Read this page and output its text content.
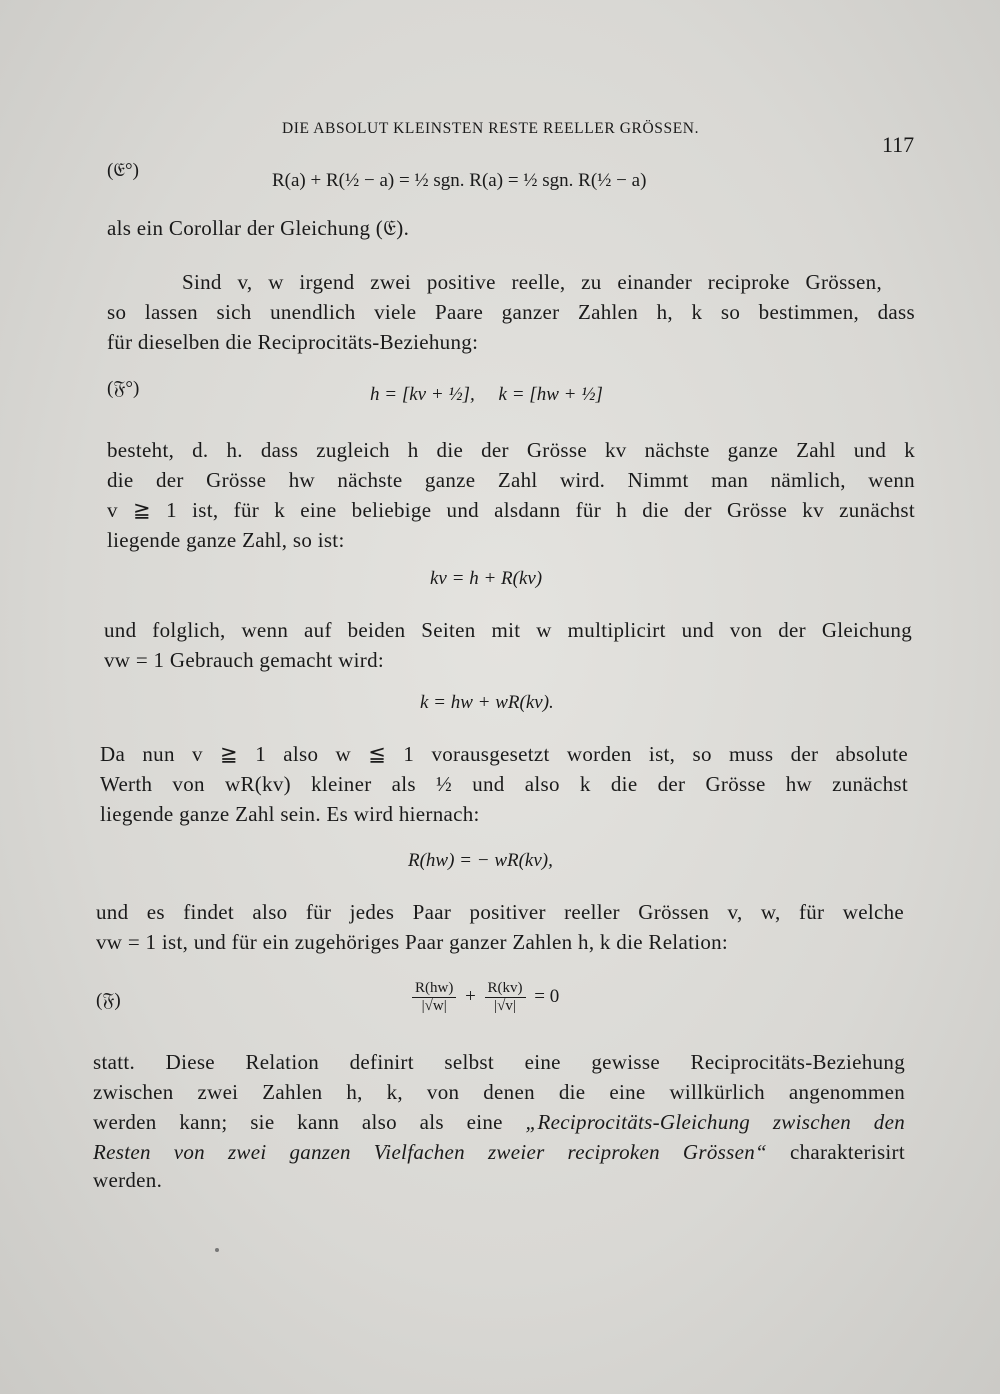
DIE ABSOLUT KLEINSTEN RESTE REELLER GRÖSSEN.
117
(𝔈°)	R(a) + R(½ − a) = ½ sgn. R(a) = ½ sgn. R(½ − a)
als ein Corollar der Gleichung (𝔈).
Sind v, w irgend zwei positive reelle, zu einander reciproke Grössen,
so lassen sich unendlich viele Paare ganzer Zahlen h, k so bestimmen, dass
für dieselben die Reciprocitäts-Beziehung:
(𝔉°)	h = [kv + ½],     k = [hw + ½]
besteht, d. h. dass zugleich h die der Grösse kv nächste ganze Zahl und k
die der Grösse hw nächste ganze Zahl wird. Nimmt man nämlich, wenn
v ≧ 1 ist, für k eine beliebige und alsdann für h die der Grösse kv zunächst
liegende ganze Zahl, so ist:
kv = h + R(kv)
und folglich, wenn auf beiden Seiten mit w multiplicirt und von der Gleichung
vw = 1 Gebrauch gemacht wird:
k = hw + wR(kv).
Da nun v ≧ 1 also w ≦ 1 vorausgesetzt worden ist, so muss der absolute
Werth von wR(kv) kleiner als ½ und also k die der Grösse hw zunächst
liegende ganze Zahl sein. Es wird hiernach:
R(hw) = − wR(kv),
und es findet also für jedes Paar positiver reeller Grössen v, w, für welche
vw = 1 ist, und für ein zugehöriges Paar ganzer Zahlen h, k die Relation:
(𝔉)	$\frac{R(hw)}{|√w|} + \frac{R(kv)}{|√v|} = 0$
statt. Diese Relation definirt selbst eine gewisse Reciprocitäts-Beziehung
zwischen zwei Zahlen h, k, von denen die eine willkürlich angenommen
werden kann; sie kann also als eine „Reciprocitäts-Gleichung zwischen den
Resten von zwei ganzen Vielfachen zweier reciproken Grössen“ charakterisirt
werden.
